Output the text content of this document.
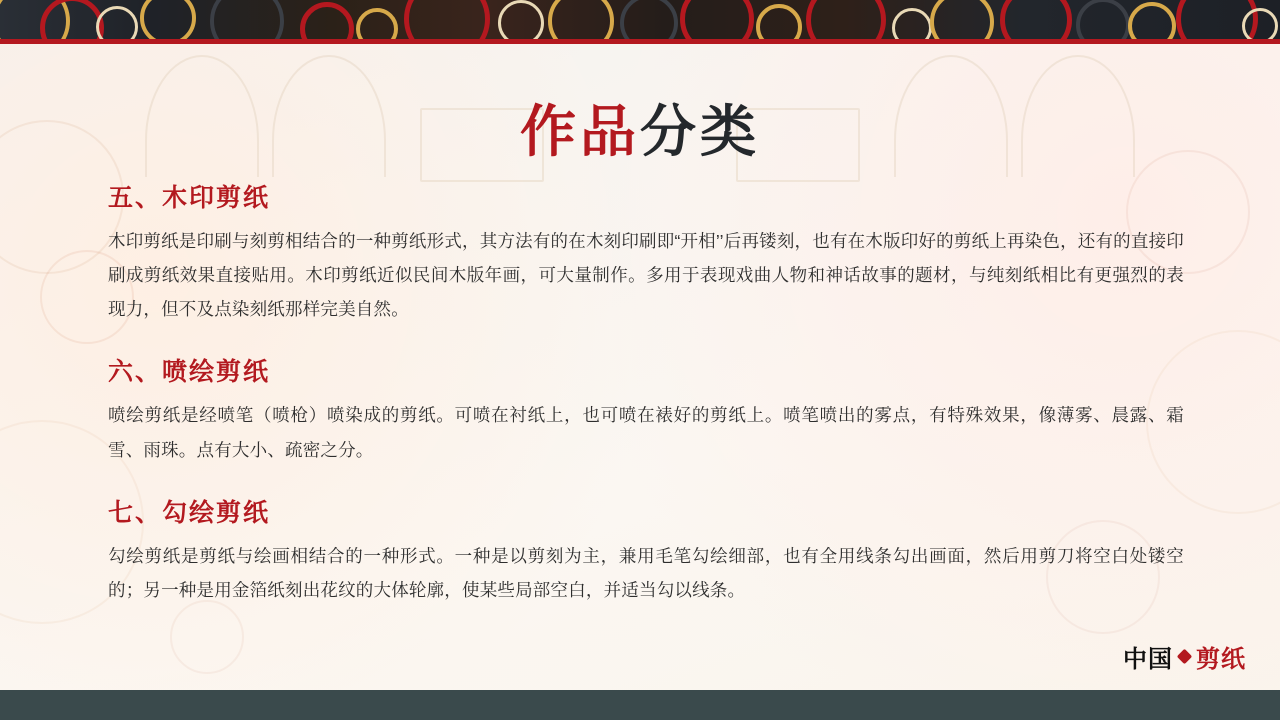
作品分类
五、木印剪纸

木印剪纸是印刷与刻剪相结合的一种剪纸形式，其方法有的在木刻印刷即“开相’’后再镂刻，也有在木版印好的剪纸上再染色，还有的直接印刷成剪纸效果直接贴用。木印剪纸近似民间木版年画，可大量制作。多用于表现戏曲人物和神话故事的题材，与纯刻纸相比有更强烈的表现力，但不及点染刻纸那样完美自然。

六、喷绘剪纸

喷绘剪纸是经喷笔（喷枪）喷染成的剪纸。可喷在衬纸上，也可喷在裱好的剪纸上。喷笔喷出的雾点，有特殊效果，像薄雾、晨露、霜雪、雨珠。点有大小、疏密之分。

七、勾绘剪纸

勾绘剪纸是剪纸与绘画相结合的一种形式。一种是以剪刻为主，兼用毛笔勾绘细部，也有全用线条勾出画面，然后用剪刀将空白处镂空的；另一种是用金箔纸刻出花纹的大体轮廓，使某些局部空白，并适当勾以线条。

中国 剪纸
